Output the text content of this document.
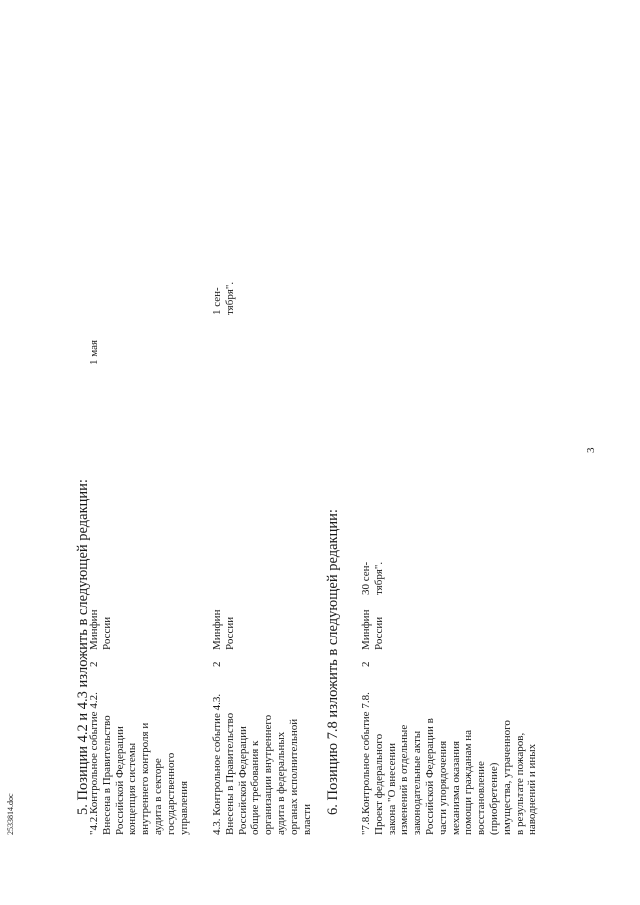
3
5. Позиции 4.2 и 4.3 изложить в следующей редакции:
"4.2.Контрольное событие 4.2. Внесена в Правительство Российской Федерации концепция системы внутреннего контроля и аудита в секторе государственного управления
2
Минфин России
1 мая
4.3. Контрольное событие 4.3. Внесены в Правительство Российской Федерации общие требования к организации внутреннего аудита в федеральных органах исполнительной власти
2
Минфин России
1 сен- тября".
6. Позицию 7.8 изложить в следующей редакции: "7.8.Контрольное событие 7.8. Проект федерального закона "О внесении изменений в отдельные законодательные акты Российской Федерации в части упорядочения механизма оказания помощи гражданам на восстановление (приобретение) имущества, утраченного в результате пожаров, наводнений и иных
2
Минфин России
30 сен- тября".
2533814.doc
